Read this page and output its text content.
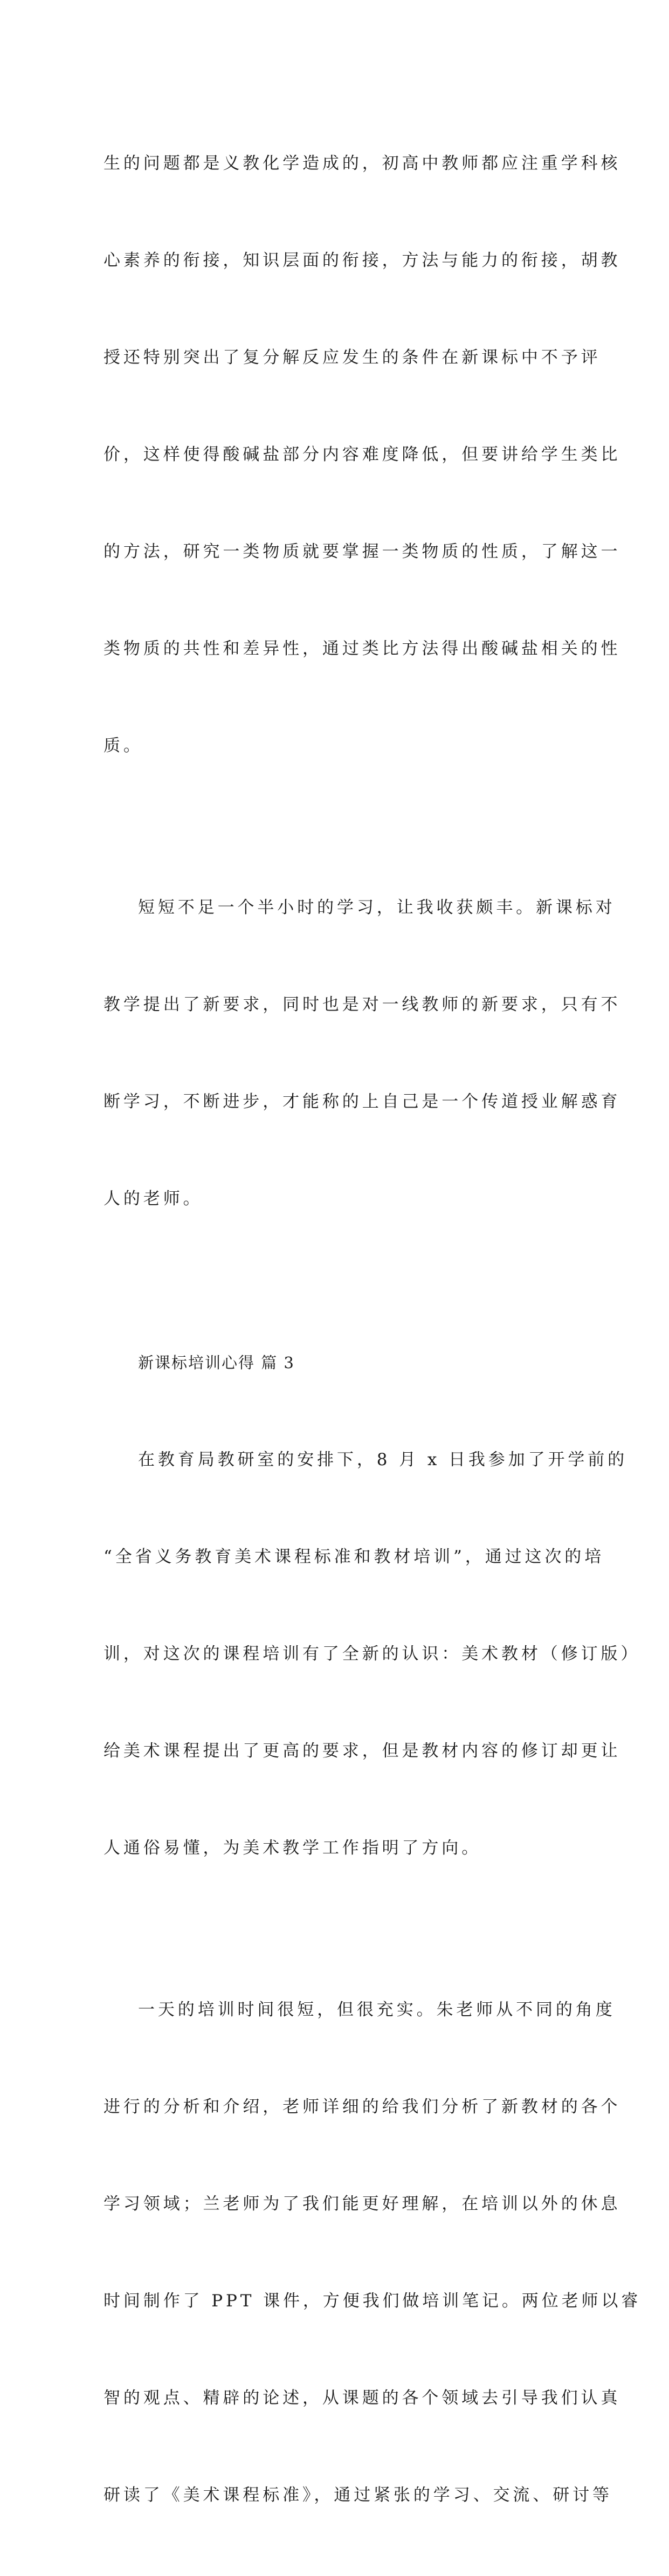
生的问题都是义教化学造成的，初高中教师都应注重学科核

心素养的衔接，知识层面的衔接，方法与能力的衔接，胡教

授还特别突出了复分解反应发生的条件在新课标中不予评

价，这样使得酸碱盐部分内容难度降低，但要讲给学生类比

的方法，研究一类物质就要掌握一类物质的性质，了解这一

类物质的共性和差异性，通过类比方法得出酸碱盐相关的性

质。

短短不足一个半小时的学习，让我收获颇丰。新课标对

教学提出了新要求，同时也是对一线教师的新要求，只有不

断学习，不断进步，才能称的上自己是一个传道授业解惑育

人的老师。

新课标培训心得 篇 3

在教育局教研室的安排下，8 月 x 日我参加了开学前的

“全省义务教育美术课程标准和教材培训”，通过这次的培

训，对这次的课程培训有了全新的认识：美术教材（修订版）

给美术课程提出了更高的要求，但是教材内容的修订却更让

人通俗易懂，为美术教学工作指明了方向。

一天的培训时间很短，但很充实。朱老师从不同的角度

进行的分析和介绍，老师详细的给我们分析了新教材的各个

学习领域；兰老师为了我们能更好理解，在培训以外的休息

时间制作了 PPT 课件，方便我们做培训笔记。两位老师以睿

智的观点、精辟的论述，从课题的各个领域去引导我们认真

研读了《美术课程标准》，通过紧张的学习、交流、研讨等
